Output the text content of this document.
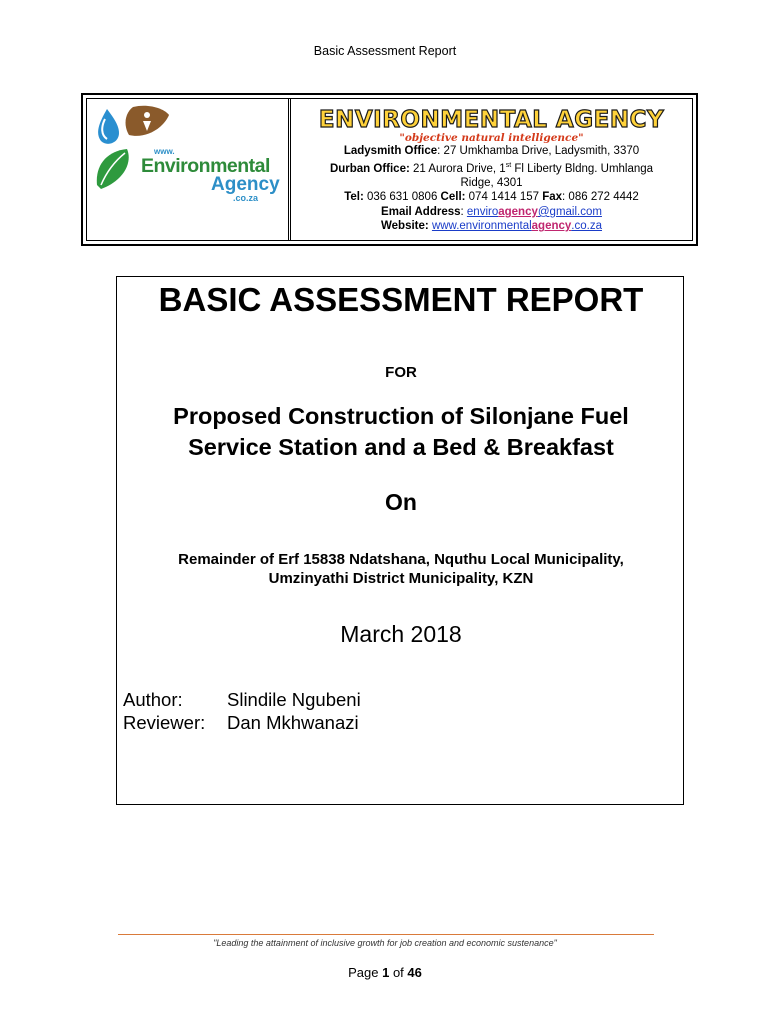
Basic Assessment Report
www.
Environmental
Agency
.co.za
ENVIRONMENTAL AGENCY
"objective natural intelligence"
Ladysmith Office: 27 Umkhamba Drive, Ladysmith, 3370
Durban Office: 21 Aurora Drive, 1st Fl Liberty Bldng. Umhlanga
Ridge, 4301
Tel: 036 631 0806 Cell: 074 1414 157 Fax: 086 272 4442
Email Address: enviroagency@gmail.com
Website: www.environmentalagency.co.za
BASIC ASSESSMENT REPORT
FOR
Proposed Construction of Silonjane Fuel
Service Station and a Bed & Breakfast
On
Remainder of Erf 15838 Ndatshana, Nquthu Local Municipality,
Umzinyathi District Municipality, KZN
March 2018
Author: Slindile Ngubeni
Reviewer: Dan Mkhwanazi
"Leading the attainment of inclusive growth for job creation and economic sustenance"
Page 1 of 46
